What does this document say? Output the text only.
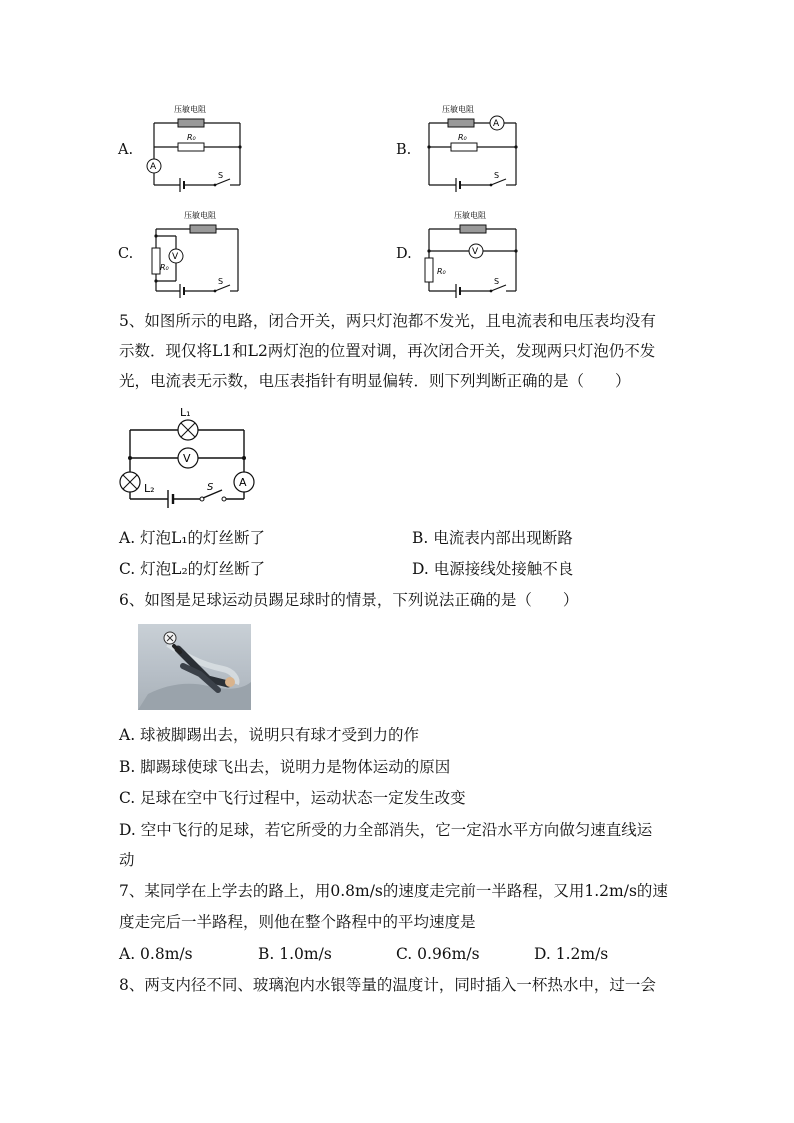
A.
压敏电阻
R₀
A
S
B.
压敏电阻
A
R₀
S
C.
压敏电阻
R₀
V
S
D.
压敏电阻
V
R₀
S
5、如图所示的电路，闭合开关，两只灯泡都不发光，且电流表和电压表均没有
示数．现仅将L1和L2两灯泡的位置对调，再次闭合开关，发现两只灯泡仍不发
光，电流表无示数，电压表指针有明显偏转．则下列判断正确的是（　　）
L₁
V
L₂	A
S
A. 灯泡L₁的灯丝断了	B. 电流表内部出现断路
C. 灯泡L₂的灯丝断了	D. 电源接线处接触不良
6、如图是足球运动员踢足球时的情景，下列说法正确的是（　　）
A. 球被脚踢出去，说明只有球才受到力的作
B. 脚踢球使球飞出去，说明力是物体运动的原因
C. 足球在空中飞行过程中，运动状态一定发生改变
D. 空中飞行的足球，若它所受的力全部消失，它一定沿水平方向做匀速直线运
动
7、某同学在上学去的路上，用0.8m/s的速度走完前一半路程，又用1.2m/s的速
度走完后一半路程，则他在整个路程中的平均速度是
A. 0.8m/s	B. 1.0m/s	C. 0.96m/s	D. 1.2m/s
8、两支内径不同、玻璃泡内水银等量的温度计，同时插入一杯热水中，过一会
